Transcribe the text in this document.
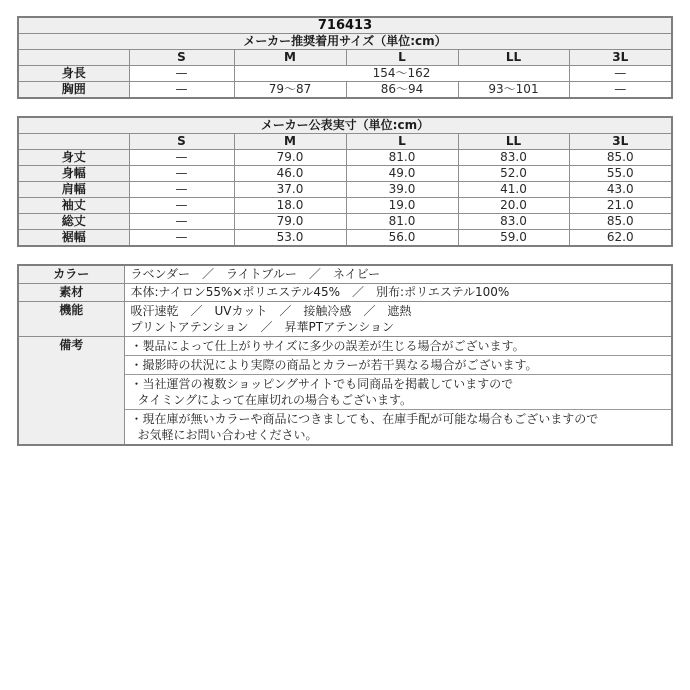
716413					
メーカー推奨着用サイズ（単位:cm）					
	S	M	L	LL	3L
身長	—	154～162			—
胸囲	—	79～87	86～94	93～101	—
メーカー公表実寸（単位:cm）					
	S	M	L	LL	3L
身丈	—	79.0	81.0	83.0	85.0
身幅	—	46.0	49.0	52.0	55.0
肩幅	—	37.0	39.0	41.0	43.0
袖丈	—	18.0	19.0	20.0	21.0
総丈	—	79.0	81.0	83.0	85.0
裾幅	—	53.0	56.0	59.0	62.0
カラー	ラベンダー　／　ライトブルー　／　ネイビー
素材	本体:ナイロン55%×ポリエステル45%　／　別布:ポリエステル100%
機能	吸汗速乾　／　UVカット　／　接触冷感　／　遮熱
プリントアテンション　／　昇華PTアテンション

備考	・製品によって仕上がりサイズに多少の誤差が生じる場合がございます。
・撮影時の状況により実際の商品とカラーが若干異なる場合がございます。
・当社運営の複数ショッピングサイトでも同商品を掲載していますので
タイミングによって在庫切れの場合もございます。
・現在庫が無いカラーや商品につきましても、在庫手配が可能な場合もございますので
お気軽にお問い合わせください。
